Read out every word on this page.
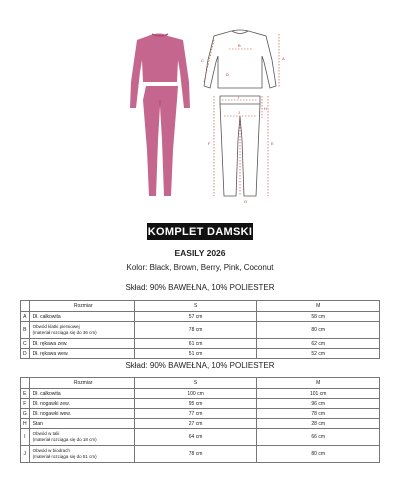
A
B
C
D
E
F
G
H
I
J
KOMPLET DAMSKI
EASILY 2026
Kolor: Black, Brown, Berry, Pink, Coconut
Skład: 90% BAWEŁNA, 10% POLIESTER
	Rozmiar	S	M
A	Dł. całkowita	57 cm	58 cm
B	Obwód klatki piersiowej
(materiał rozciąga się do 36 cm)	78 cm	80 cm
C	Dł. rękawa zew.	61 cm	62 cm
D	Dł. rękawa wew.	51 cm	52 cm
Skład: 90% BAWEŁNA, 10% POLIESTER
	Rozmiar	S	M
E	Dł. całkowita	100 cm	101 cm
F	Dł. nogawki zew.	95 cm	96 cm
G	Dł. nogawki wew.	77 cm	78 cm
H	Stan	27 cm	28 cm
I	Obwód w talii
(materiał rozciąga się do 18 cm)	64 cm	66 cm
J	Obwód w biodrach
(materiał rozciąga się do 51 cm)	78 cm	80 cm
